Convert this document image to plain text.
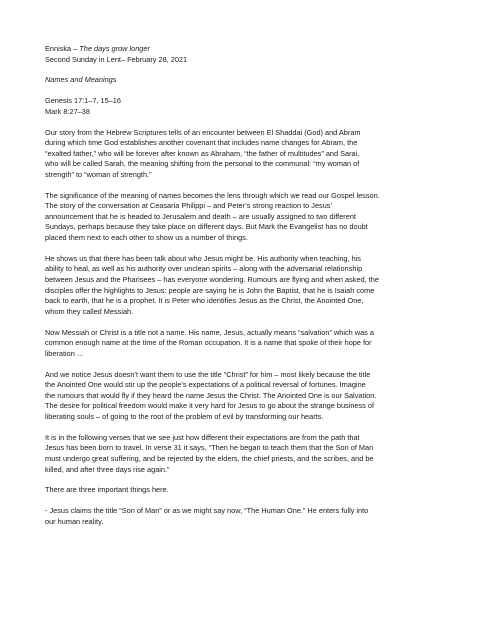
Enniska – The days grow longer
Second Sunday in Lent– February 28, 2021
Names and Meanings
Genesis 17:1–7, 15–16
Mark 8:27–38
Our story from the Hebrew Scriptures tells of an encounter between El Shaddai (God) and Abram
during which time God establishes another covenant that includes name changes for Abram, the
“exalted father,” who will be forever after known as Abraham, “the father of multitudes” and Sarai,
who will be called Sarah, the meaning shifting from the personal to the communal: “my woman of
strength” to “woman of strength.”
The significance of the meaning of names becomes the lens through which we read our Gospel lesson.
The story of the conversation at Ceasaria Philippi – and Peter’s strong reaction to Jesus’
announcement that he is headed to Jerusalem and death – are usually assigned to two different
Sundays, perhaps because they take place on different days. But Mark the Evangelist has no doubt
placed them next to each other to show us a number of things.
He shows us that there has been talk about who Jesus might be. His authority when teaching, his
ability to heal, as well as his authority over unclean spirits – along with the adversarial relationship
between Jesus and the Pharisees – has everyone wondering. Rumours are flying and when asked, the
disciples offer the highlights to Jesus: people are saying he is John the Baptist, that he is Isaiah come
back to earth, that he is a prophet. It is Peter who identifies Jesus as the Christ, the Anointed One,
whom they called Messiah.
Now Messiah or Christ is a title not a name. His name, Jesus, actually means “salvation” which was a
common enough name at the time of the Roman occupation. It is a name that spoke of their hope for
liberation …
And we notice Jesus doesn’t want them to use the title “Christ” for him – most likely because the title
the Anointed One would stir up the people’s expectations of a political reversal of fortunes. Imagine
the rumours that would fly if they heard the name Jesus the Christ. The Anointed One is our Salvation.
The desire for political freedom would make it very hard for Jesus to go about the strange business of
liberating souls – of going to the root of the problem of evil by transforming our hearts.
It is in the following verses that we see just how different their expectations are from the path that
Jesus has been born to travel. In verse 31 it says, “Then he began to teach them that the Son of Man
must undergo great suffering, and be rejected by the elders, the chief priests, and the scribes, and be
killed, and after three days rise again.”
There are three important things here.
- Jesus claims the title “Son of Man” or as we might say now, “The Human One.” He enters fully into
our human reality.
